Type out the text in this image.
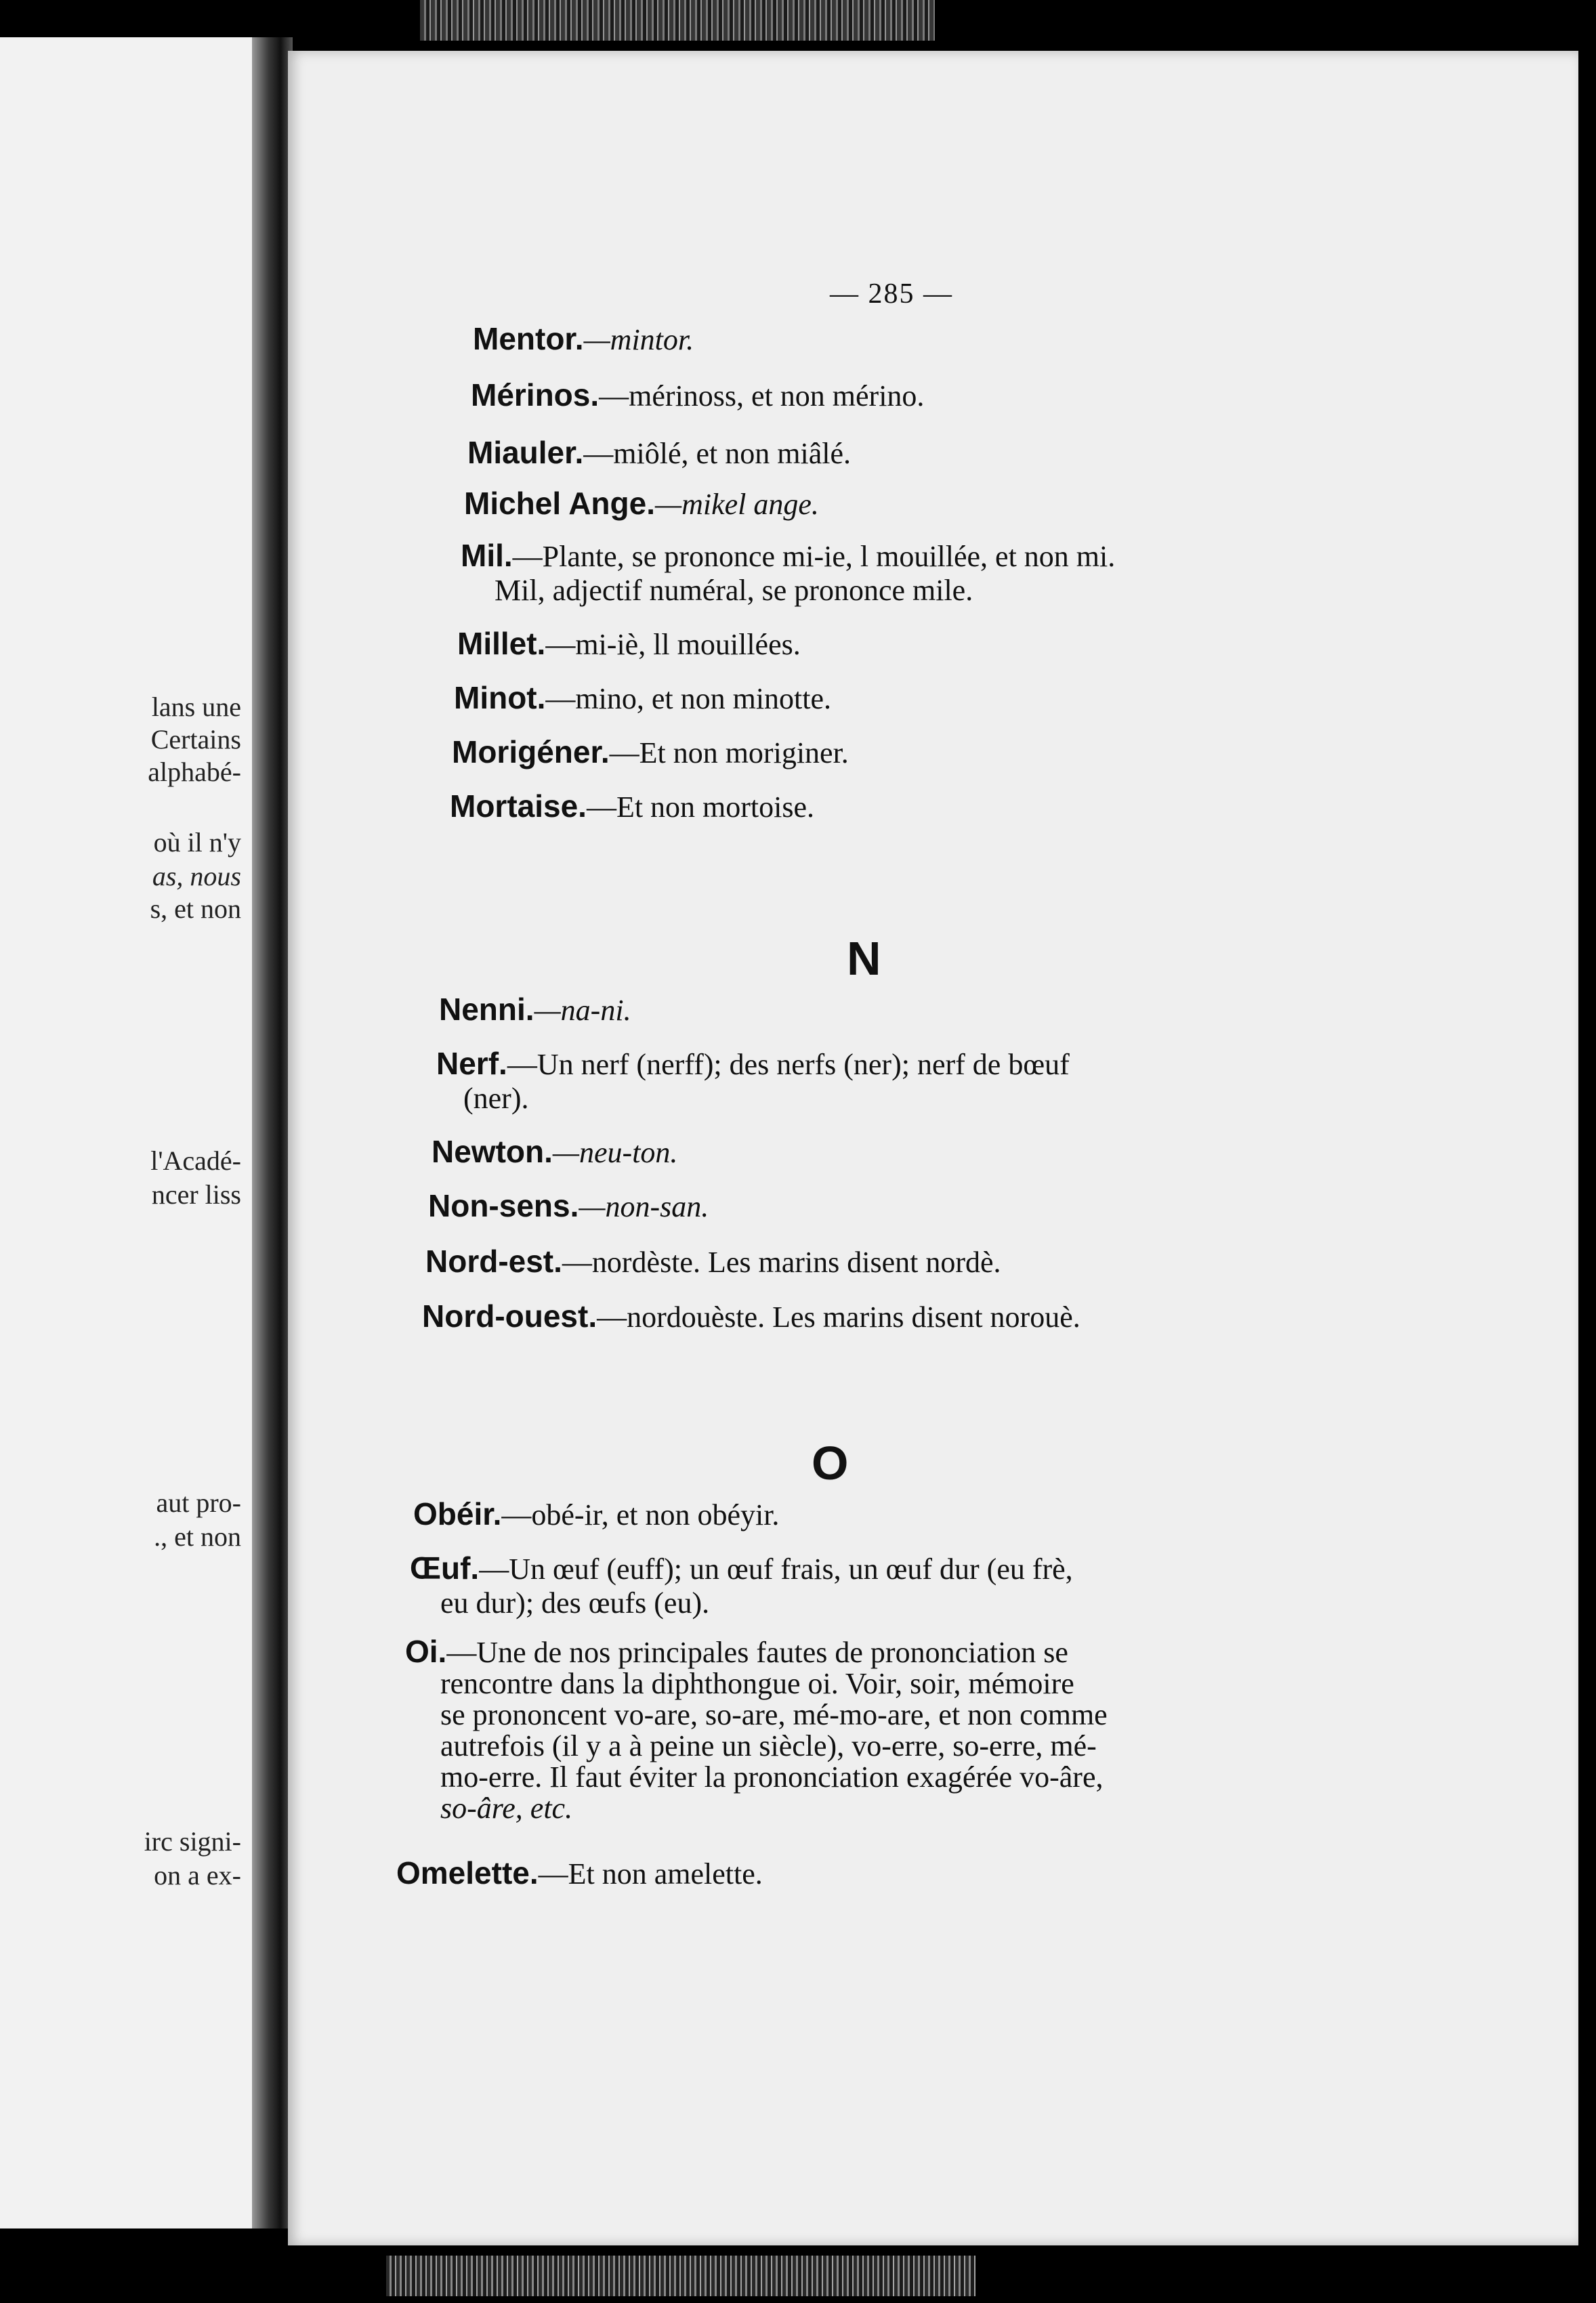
lans une
Certains
alphabé-
où il n'y
as, nous
s, et non
l'Acadé-
ncer liss
aut pro-
., et non
irc signi-
on a ex-
— 285 —
Mentor.—mintor.
Mérinos.—mérinoss, et non mérino.
Miauler.—miôlé, et non miâlé.
Michel Ange.—mikel ange.
Mil.—Plante, se prononce mi-ie, l mouillée, et non mi.
Mil, adjectif numéral, se prononce mile.
Millet.—mi-iè, ll mouillées.
Minot.—mino, et non minotte.
Morigéner.—Et non moriginer.
Mortaise.—Et non mortoise.
N
Nenni.—na-ni.
Nerf.—Un nerf (nerff); des nerfs (ner); nerf de bœuf
(ner).
Newton.—neu-ton.
Non-sens.—non-san.
Nord-est.—nordèste. Les marins disent nordè.
Nord-ouest.—nordouèste. Les marins disent norouè.
O
Obéir.—obé-ir, et non obéyir.
Œuf.—Un œuf (euff); un œuf frais, un œuf dur (eu frè,
eu dur); des œufs (eu).
Oi.—Une de nos principales fautes de prononciation se
rencontre dans la diphthongue oi. Voir, soir, mémoire
se prononcent vo-are, so-are, mé-mo-are, et non comme
autrefois (il y a à peine un siècle), vo-erre, so-erre, mé-
mo-erre. Il faut éviter la prononciation exagérée vo-âre,
so-âre, etc.
Omelette.—Et non amelette.
